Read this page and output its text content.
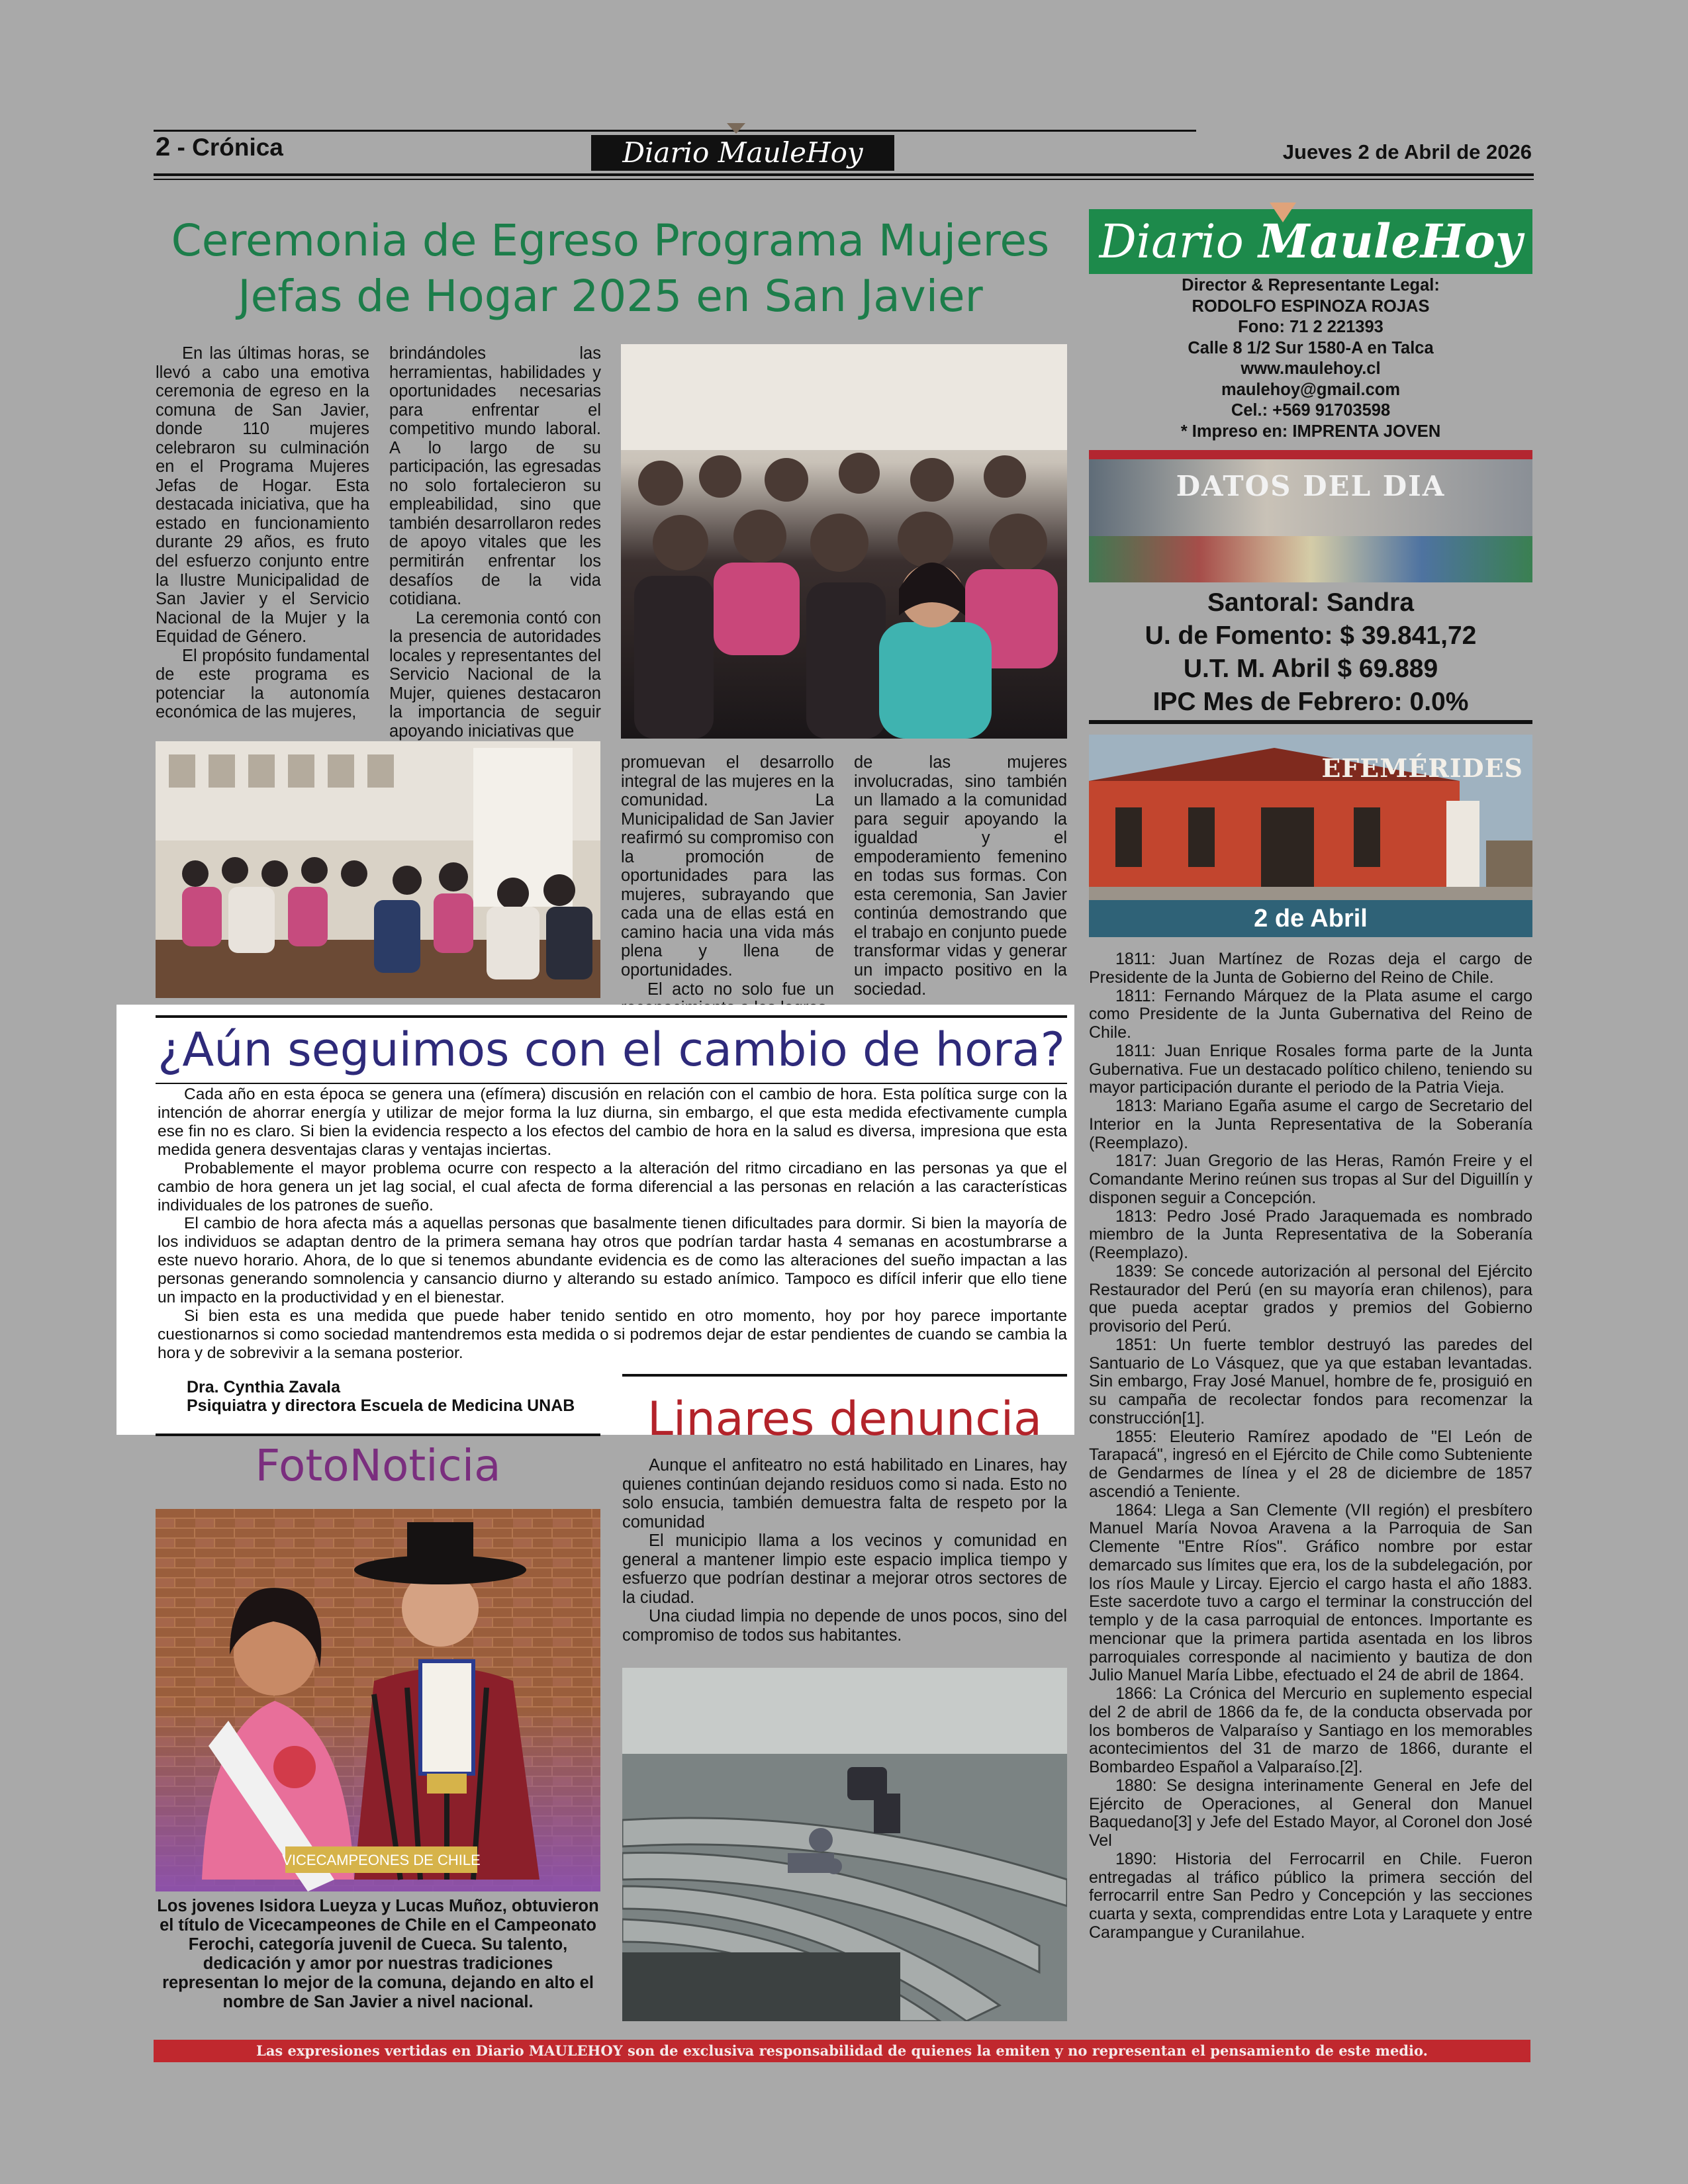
2 - Crónica	Diario MauleHoy	Jueves 2 de Abril de 2026
Ceremonia de Egreso Programa Mujeres
Jefas de Hogar 2025 en San Javier

En las últimas horas, se llevó a cabo una emotiva ceremonia de egreso en la comuna de San Javier, donde 110 mujeres celebraron su culminación en el Programa Mujeres Jefas de Hogar. Esta destacada iniciativa, que ha estado en funcionamiento durante 29 años, es fruto del esfuerzo conjunto entre la Ilustre Municipalidad de San Javier y el Servicio Nacional de la Mujer y la Equidad de Género.

El propósito fundamental de este programa es potenciar la autonomía económica de las mujeres,

brindándoles las herramientas, habilidades y oportunidades necesarias para enfrentar el competitivo mundo laboral. A lo largo de su participación, las egresadas no solo fortalecieron su empleabilidad, sino que también desarrollaron redes de apoyo vitales que les permitirán enfrentar los desafíos de la vida cotidiana.

La ceremonia contó con la presencia de autoridades locales y representantes del Servicio Nacional de la Mujer, quienes destacaron la importancia de seguir apoyando iniciativas que

promuevan el desarrollo integral de las mujeres en la comunidad. La Municipalidad de San Javier reafirmó su compromiso con la promoción de oportunidades para las mujeres, subrayando que cada una de ellas está en camino hacia una vida más plena y llena de oportunidades.

El acto no solo fue un

de las mujeres involucradas, sino también un llamado a la comunidad para seguir apoyando la igualdad y el empoderamiento femenino en todas sus formas. Con esta ceremonia, San Javier continúa demostrando que el trabajo en conjunto puede transformar vidas y generar un impacto positivo en la sociedad.

¿Aún seguimos con el cambio de hora?

Cada año en esta época se genera una (efímera) discusión en relación con el cambio de hora. Esta política surge con la intención de ahorrar energía y utilizar de mejor forma la luz diurna, sin embargo, el que esta medida efectivamente cumpla ese fin no es claro. Si bien la evidencia respecto a los efectos del cambio de hora en la salud es diversa, impresiona que esta medida genera desventajas claras y ventajas inciertas.

Probablemente el mayor problema ocurre con respecto a la alteración del ritmo circadiano en las personas ya que el cambio de hora genera un jet lag social, el cual afecta de forma diferencial a las personas en relación a las características individuales de los patrones de sueño.

El cambio de hora afecta más a aquellas personas que basalmente tienen dificultades para dormir. Si bien la mayoría de los individuos se adaptan dentro de la primera semana hay otros que podrían tardar hasta 4 semanas en acostumbrarse a este nuevo horario. Ahora, de lo que si tenemos abundante evidencia es de como las alteraciones del sueño impactan a las personas generando somnolencia y cansancio diurno y alterando su estado anímico. Tampoco es difícil inferir que ello tiene un impacto en la productividad y en el bienestar.

Si bien esta es una medida que puede haber tenido sentido en otro momento, hoy por hoy parece importante cuestionarnos si como sociedad mantendremos esta medida o si podremos dejar de estar pendientes de cuando se cambia la hora y de sobrevivir a la semana posterior.

Dra. Cynthia Zavala
Psiquiatra y directora Escuela de Medicina UNAB
FotoNoticia
VICECAMPEONES DE CHILE
Los jovenes Isidora Lueyza y Lucas Muñoz, obtuvieron el título de Vicecampeones de Chile en el Campeonato Ferochi, categoría juvenil de Cueca. Su talento, dedicación y amor por nuestras tradiciones representan lo mejor de la comuna, dejando en alto el nombre de San Javier a nivel nacional.
Linares denuncia

Aunque el anfiteatro no está habilitado en Linares, hay quienes continúan dejando residuos como si nada. Esto no solo ensucia, también demuestra falta de respeto por la comunidad

El municipio llama a los vecinos y comunidad en general a mantener limpio este espacio implica tiempo y esfuerzo que podrían destinar a mejorar otros sectores de la ciudad.

Una ciudad limpia no depende de unos pocos, sino del compromiso de todos sus habitantes.

Diario MauleHoy
Director & Representante Legal:
RODOLFO ESPINOZA ROJAS
Fono: 71 2 221393
Calle 8 1/2 Sur 1580-A en Talca
www.maulehoy.cl
maulehoy@gmail.com
Cel.: +569 91703598
* Impreso en: IMPRENTA JOVEN
DATOS DEL DIA
Santoral: Sandra
U. de Fomento: $ 39.841,72
U.T. M. Abril $ 69.889
IPC Mes de Febrero: 0.0%
EFEMÉRIDES
2 de Abril

1811: Juan Martínez de Rozas deja el cargo de Presidente de la Junta de Gobierno del Reino de Chile.

1811: Fernando Márquez de la Plata asume el cargo como Presidente de la Junta Gubernativa del Reino de Chile.

1811: Juan Enrique Rosales forma parte de la Junta Gubernativa. Fue un destacado político chileno, teniendo su mayor participación durante el periodo de la Patria Vieja.

1813: Mariano Egaña asume el cargo de Secretario del Interior en la Junta Representativa de la Soberanía (Reemplazo).

1817: Juan Gregorio de las Heras, Ramón Freire y el Comandante Merino reúnen sus tropas al Sur del Diguillín y disponen seguir a Concepción.

1813: Pedro José Prado Jaraquemada es nombrado miembro de la Junta Representativa de la Soberanía (Reemplazo).

1839: Se concede autorización al personal del Ejército Restaurador del Perú (en su mayoría eran chilenos), para que pueda aceptar grados y premios del Gobierno provisorio del Perú.

1851: Un fuerte temblor destruyó las paredes del Santuario de Lo Vásquez, que ya que estaban levantadas. Sin embargo, Fray José Manuel, hombre de fe, prosiguió en su campaña de recolectar fondos para recomenzar la construcción[1].

1855: Eleuterio Ramírez apodado de "El León de Tarapacá", ingresó en el Ejército de Chile como Subteniente de Gendarmes de línea y el 28 de diciembre de 1857 ascendió a Teniente.

1864: Llega a San Clemente (VII región) el presbítero Manuel María Novoa Aravena a la Parroquia de San Clemente "Entre Ríos". Gráfico nombre por estar demarcado sus límites que era, los de la subdelegación, por los ríos Maule y Lircay. Ejercio el cargo hasta el año 1883. Este sacerdote tuvo a cargo el terminar la construcción del templo y de la casa parroquial de entonces. Importante es mencionar que la primera partida asentada en los libros parroquiales corresponde al nacimiento y bautiza de don Julio Manuel María Libbe, efectuado el 24 de abril de 1864.

1866: La Crónica del Mercurio en suplemento especial del 2 de abril de 1866 da fe, de la conducta observada por los bomberos de Valparaíso y Santiago en los memorables acontecimientos del 31 de marzo de 1866, durante el Bombardeo Español a Valparaíso.[2].

1880: Se designa interinamente General en Jefe del Ejército de Operaciones, al General don Manuel Baquedano[3] y Jefe del Estado Mayor, al Coronel don José Vel

1890: Historia del Ferrocarril en Chile. Fueron entregadas al tráfico público la primera sección del ferrocarril entre San Pedro y Concepción y las secciones cuarta y sexta, comprendidas entre Lota y Laraquete y entre Carampangue y Curanilahue.

Las expresiones vertidas en Diario MAULEHOY son de exclusiva responsabilidad de quienes la emiten y no representan el pensamiento de este medio.
